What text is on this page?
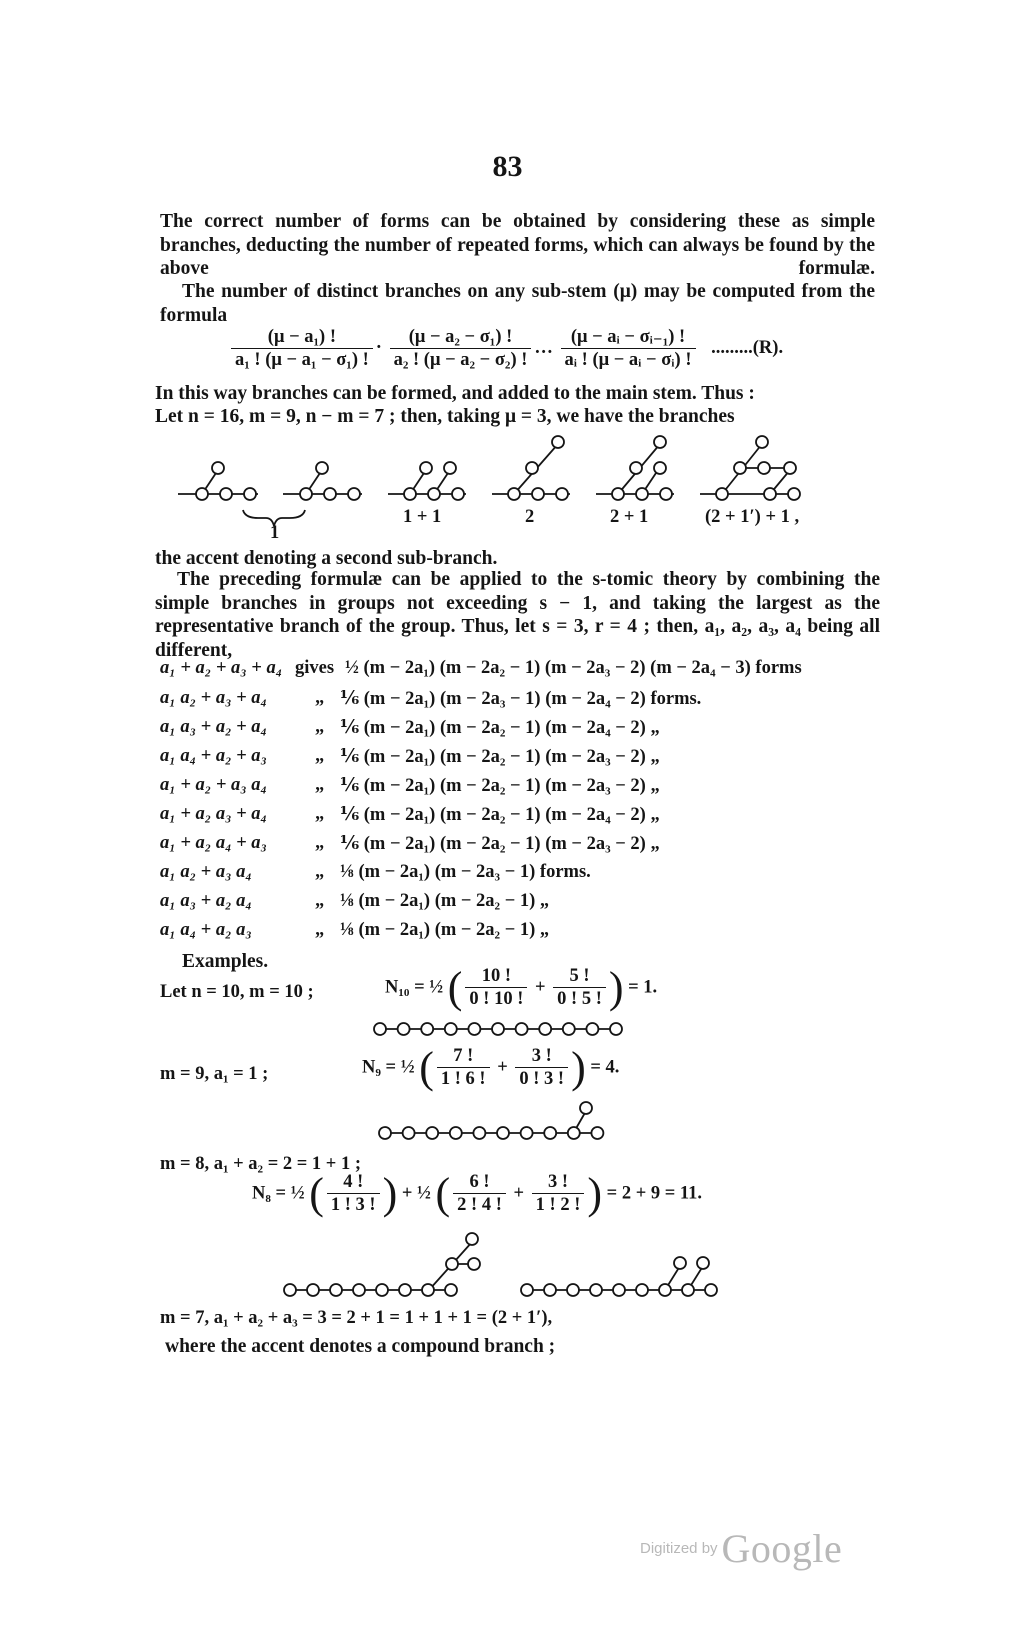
83
The correct number of forms can be obtained by considering these as simple branches, deducting the number of repeated forms, which can always be found by the above formulæ.
The number of distinct branches on any sub-stem (μ) may be computed from the formula
$\frac{\text{(μ − a₁) !}}{\text{a₁ ! (μ − a₁ − σ₁) !}} \cdot \frac{\text{(μ − a₂ − σ₁) !}}{\text{a₂ ! (μ − a₂ − σ₂) !}}$ … $\frac{\text{(μ − aᵢ − σᵢ₋₁) !}}{\text{aᵢ ! (μ − aᵢ − σᵢ) !}} .........(R)$.
In this way branches can be formed, and added to the main stem. Thus :
Let n = 16, m = 9, n − m = 7 ; then, taking μ = 3, we have the branches
1
1 + 1	2	2 + 1	(2 + 1′) + 1 ,
the accent denoting a second sub-branch.
The preceding formulæ can be applied to the s-tomic theory by combining the simple branches in groups not exceeding s − 1, and taking the largest as the representative branch of the group. Thus, let s = 3, r = 4 ; then, a₁, a₂, a₃, a₄ being all different,
a₁ + a₂ + a₃ + a₄ gives ½ (m − 2a₁) (m − 2a₂ − 1) (m − 2a₃ − 2) (m − 2a₄ − 3) forms
a₁ a₂ + a₃ + a₄	„ ⅙ (m − 2a₁) (m − 2a₃ − 1) (m − 2a₄ − 2) forms.
a₁ a₃ + a₂ + a₄	„ ⅙ (m − 2a₁) (m − 2a₂ − 1) (m − 2a₄ − 2) „
a₁ a₄ + a₂ + a₃	„ ⅙ (m − 2a₁) (m − 2a₂ − 1) (m − 2a₃ − 2) „
a₁ + a₂ + a₃ a₄	„ ⅙ (m − 2a₁) (m − 2a₂ − 1) (m − 2a₃ − 2) „
a₁ + a₂ a₃ + a₄	„ ⅙ (m − 2a₁) (m − 2a₂ − 1) (m − 2a₄ − 2) „
a₁ + a₂ a₄ + a₃	„ ⅙ (m − 2a₁) (m − 2a₂ − 1) (m − 2a₃ − 2) „
a₁ a₂ + a₃ a₄	„ ⅛ (m − 2a₁) (m − 2a₃ − 1) forms.
a₁ a₃ + a₂ a₄	„ ⅛ (m − 2a₁) (m − 2a₂ − 1) „
a₁ a₄ + a₂ a₃	„ ⅛ (m − 2a₁) (m − 2a₂ − 1) „
Examples.
Let n = 10, m = 10 ;	N₁₀ = ½ ( $\frac{10 !}{0 ! 10 !} + \frac{5 !}{0 ! 5 !}$ ) = 1.
m = 9, a₁ = 1 ;	N₉ = ½ ( $\frac{7 !}{1 ! 6 !} + \frac{3 !}{0 ! 3 !}$ ) = 4.
m = 8, a₁ + a₂ = 2 = 1 + 1 ;
N₈ = ½ ( $\frac{4 !}{1 ! 3 !}$ ) + ½ ( $\frac{6 !}{2 ! 4 !} + \frac{3 !}{1 ! 2 !}$ ) = 2 + 9 = 11.
m = 7, a₁ + a₂ + a₃ = 3 = 2 + 1 = 1 + 1 + 1 = (2 + 1′),
where the accent denotes a compound branch ;
Digitized by Google
